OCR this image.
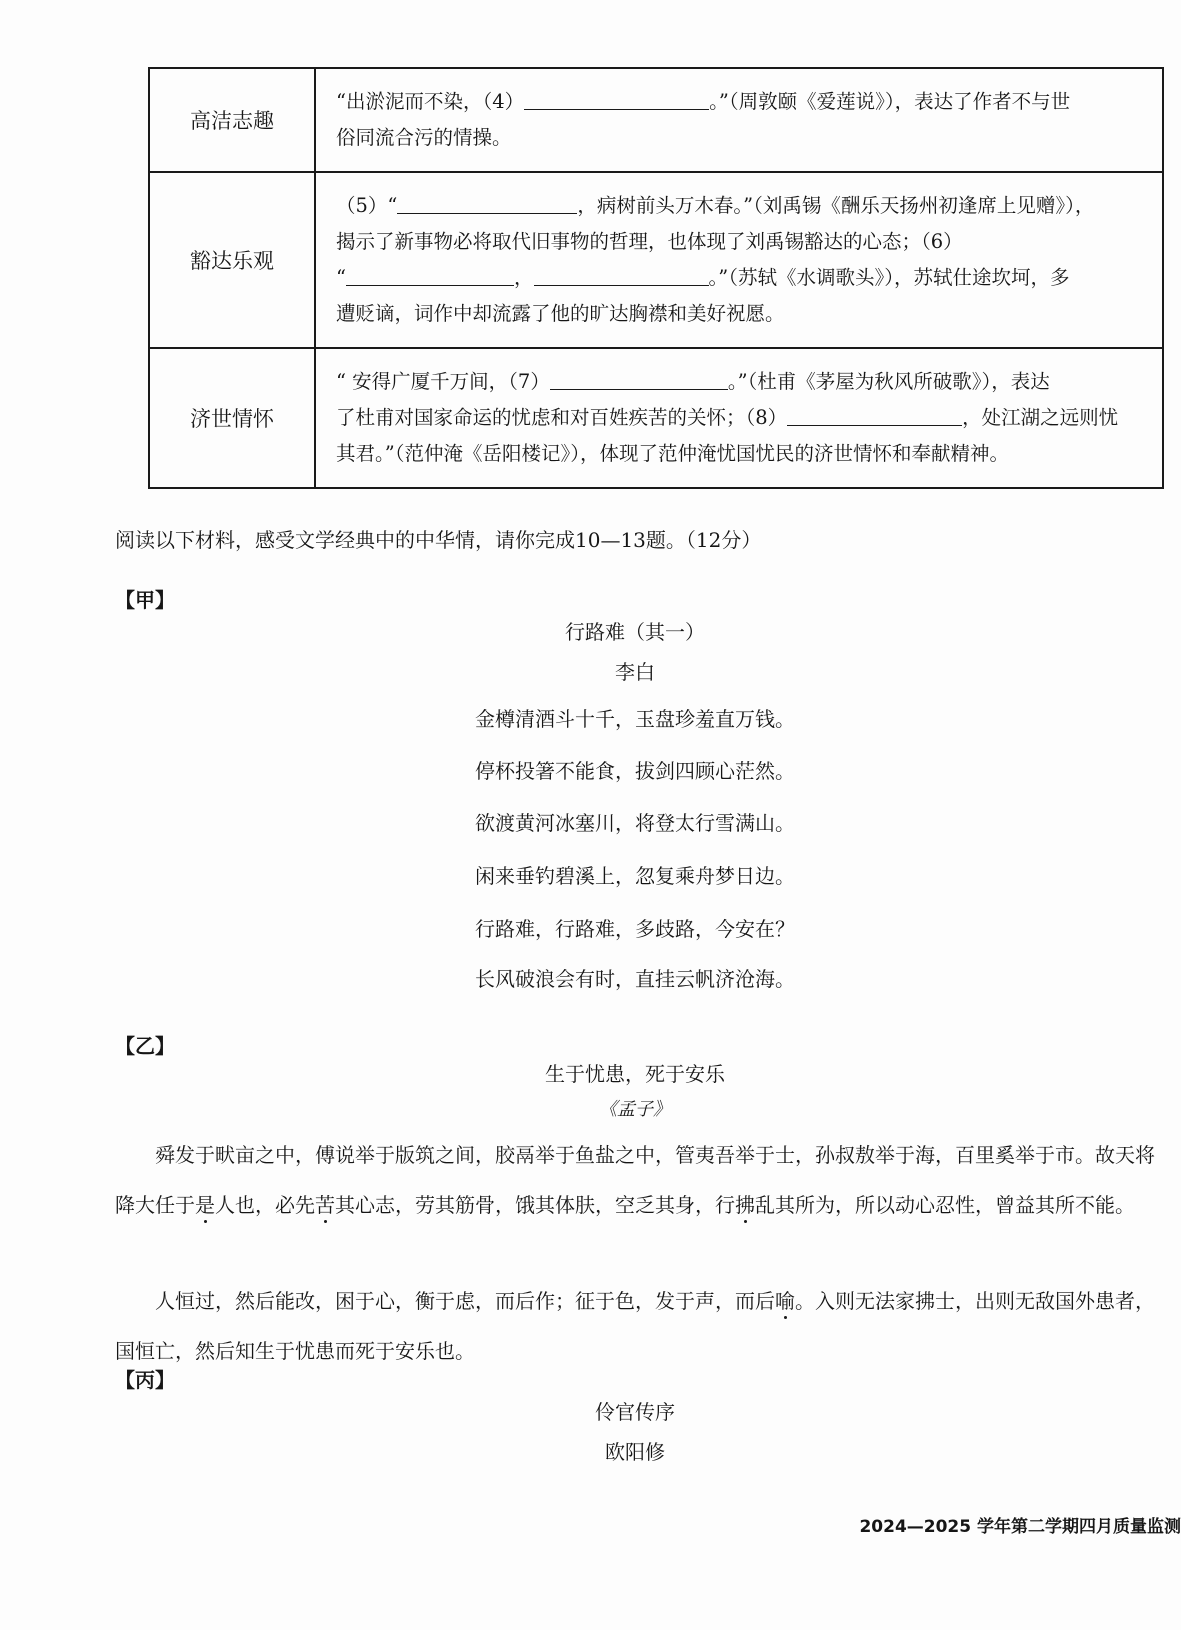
高洁志趣	“出淤泥而不染，（4） 。”（周敦颐《爱莲说》），表达了作者不与世
俗同流合污的情操。
豁达乐观	（5）“ ，病树前头万木春。”（刘禹锡《酬乐天扬州初逢席上见赠》），
揭示了新事物必将取代旧事物的哲理，也体现了刘禹锡豁达的心态；（6）
“ ， 。”（苏轼《水调歌头》），苏轼仕途坎坷，多
遭贬谪，词作中却流露了他的旷达胸襟和美好祝愿。
济世情怀	“ 安得广厦千万间，（7） 。”（杜甫《茅屋为秋风所破歌》），表达
了杜甫对国家命运的忧虑和对百姓疾苦的关怀；（8） ，处江湖之远则忧
其君。”（范仲淹《岳阳楼记》），体现了范仲淹忧国忧民的济世情怀和奉献精神。
阅读以下材料，感受文学经典中的中华情，请你完成10—13题。（12分）
【甲】
行路难（其一）
李白
金樽清酒斗十千，玉盘珍羞直万钱。
停杯投箸不能食，拔剑四顾心茫然。
欲渡黄河冰塞川，将登太行雪满山。
闲来垂钓碧溪上，忽复乘舟梦日边。
行路难，行路难，多歧路，今安在？
长风破浪会有时，直挂云帆济沧海。
【乙】
生于忧患，死于安乐
《孟子》
舜发于畎亩之中，傅说举于版筑之间，胶鬲举于鱼盐之中，管夷吾举于士，孙叔敖举于海，百里奚举于市。故天将降大任于是人也，必先苦其心志，劳其筋骨，饿其体肤，空乏其身，行拂乱其所为，所以动心忍性，曾益其所不能。
人恒过，然后能改，困于心，衡于虑，而后作；征于色，发于声，而后喻。入则无法家拂士，出则无敌国外患者，国恒亡，然后知生于忧患而死于安乐也。
【丙】
伶官传序
欧阳修
2024—2025 学年第二学期四月质量监测
